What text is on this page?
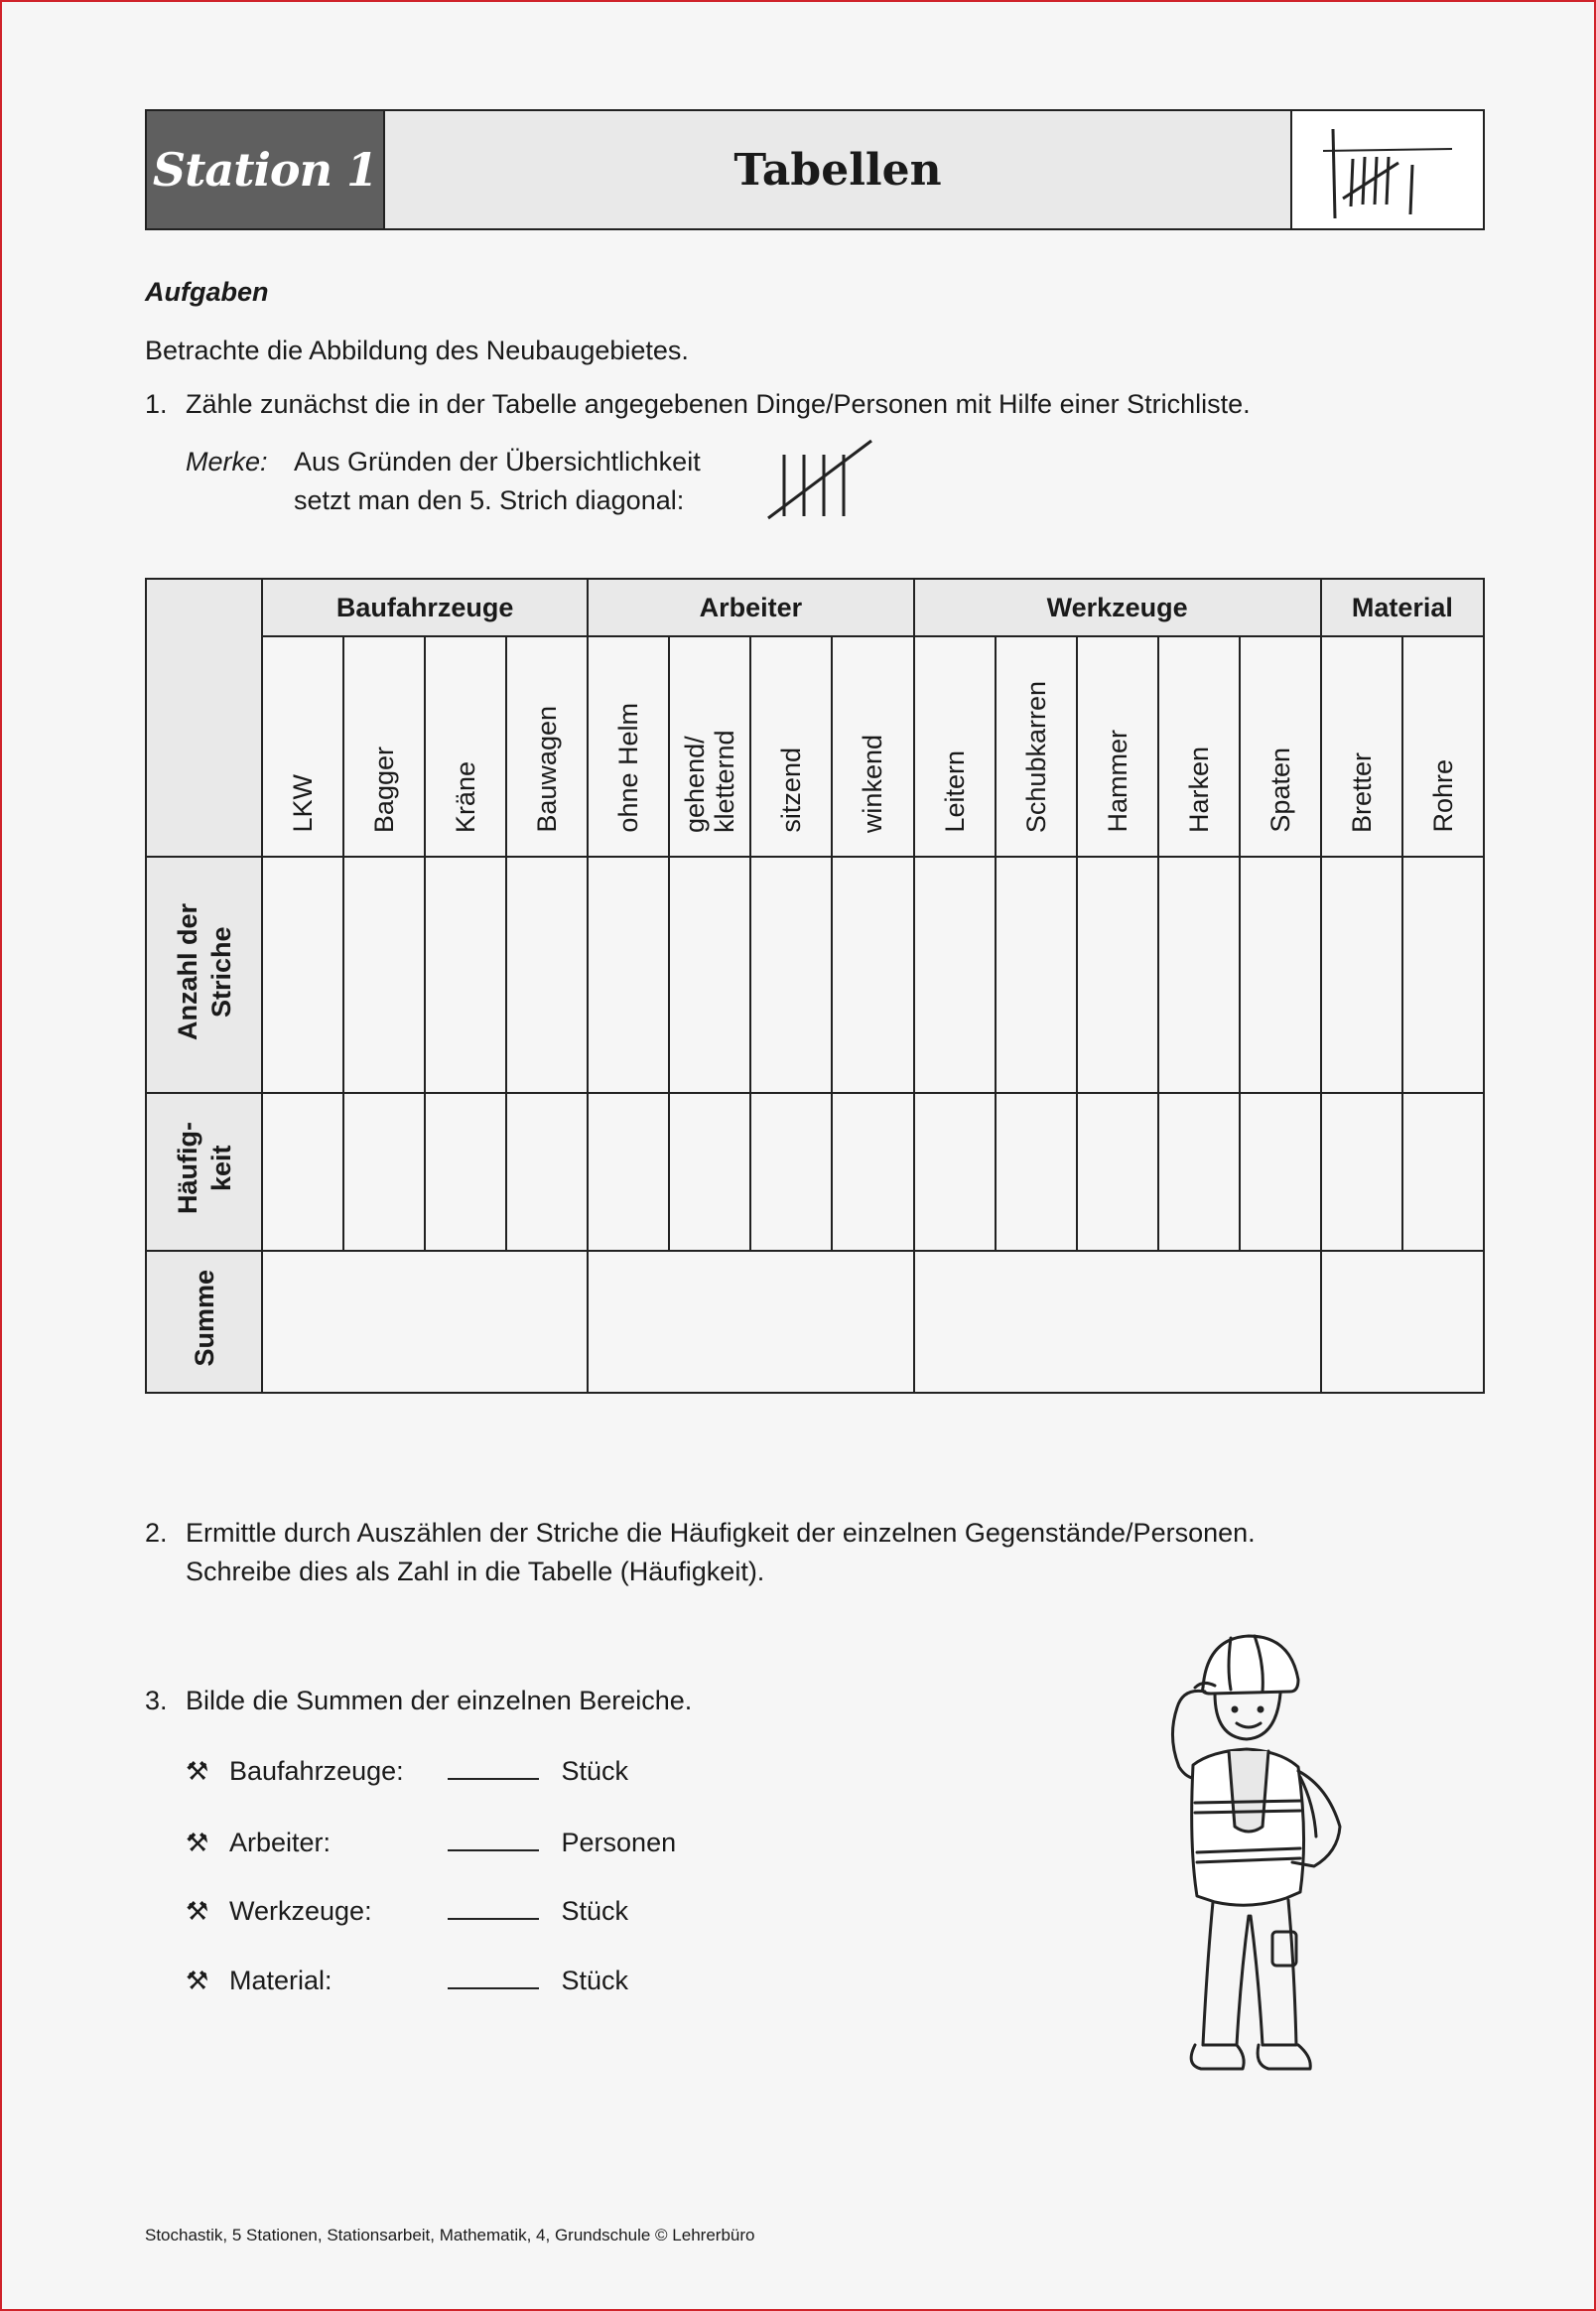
Station 1	Tabellen
Aufgaben
Betrachte die Abbildung des Neubaugebietes.
1. Zähle zunächst die in der Tabelle angegebenen Dinge/Personen mit Hilfe einer Strichliste.
Merke: Aus Gründen der Übersichtlichkeit
setzt man den 5. Strich diagonal:
	Baufahrzeuge				Arbeiter				Werkzeuge					Material	
	LKW	Bagger	Kräne	Bauwagen	ohne Helm	gehend/ kletternd	sitzend	winkend	Leitern	Schubkarren	Hammer	Harken	Spaten	Bretter	Rohre
Anzahl der Striche															
Häufig- keit															
Summe															
2. Ermittle durch Auszählen der Striche die Häufigkeit der einzelnen Gegenstände/Personen.
Schreibe dies als Zahl in die Tabelle (Häufigkeit).
3. Bilde die Summen der einzelnen Bereiche.
⚒ Baufahrzeuge:	Stück
⚒ Arbeiter:	Personen
⚒ Werkzeuge:	Stück
⚒ Material:	Stück
Stochastik, 5 Stationen, Stationsarbeit, Mathematik, 4, Grundschule © Lehrerbüro
